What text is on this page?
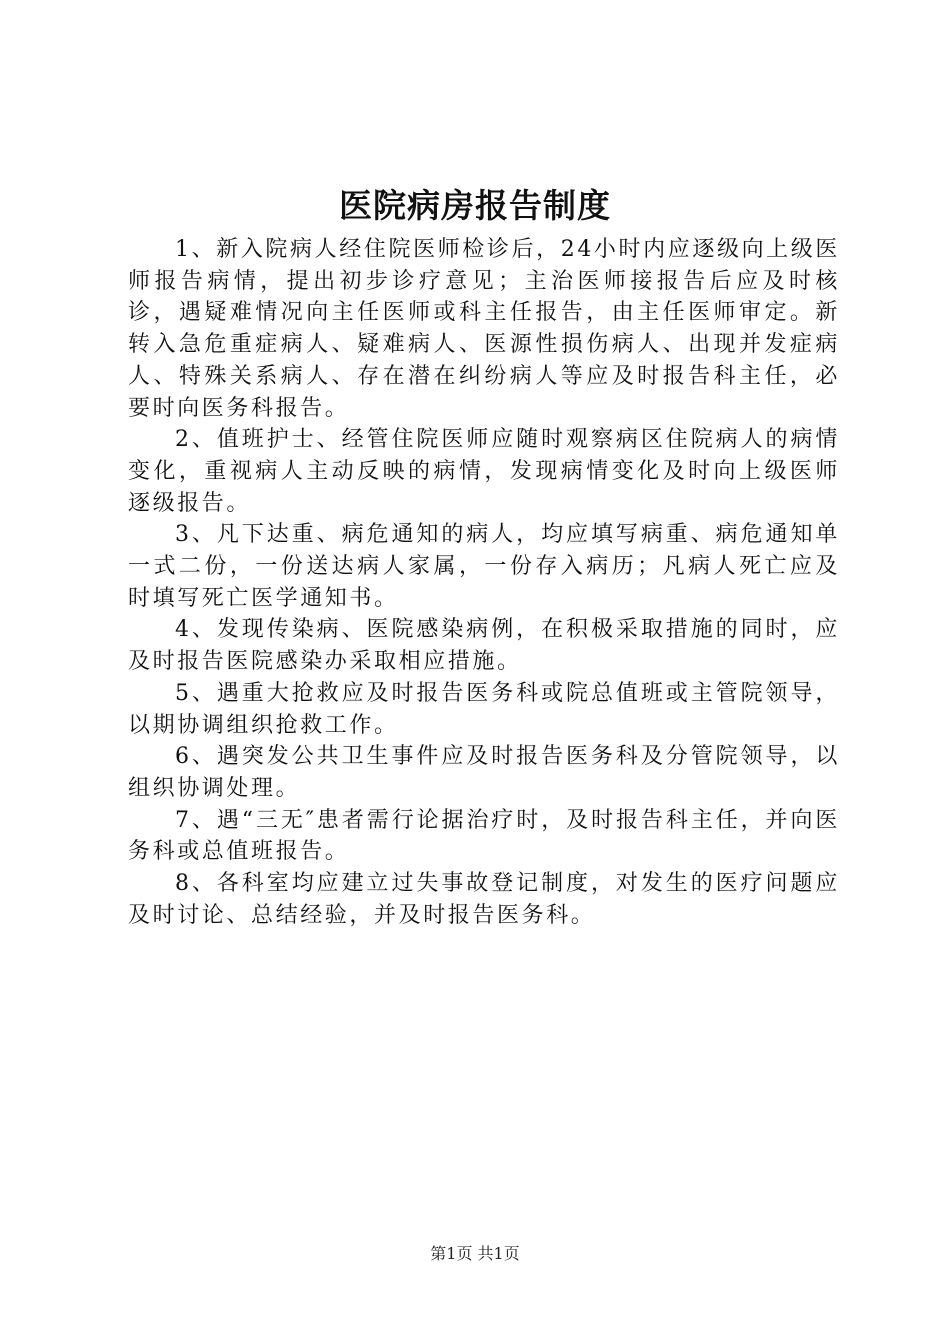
医院病房报告制度

1、新入院病人经住院医师检诊后，24小时内应逐级向上级医师报告病情，提出初步诊疗意见；主治医师接报告后应及时核诊，遇疑难情况向主任医师或科主任报告，由主任医师审定。新转入急危重症病人、疑难病人、医源性损伤病人、出现并发症病人、特殊关系病人、存在潜在纠纷病人等应及时报告科主任，必要时向医务科报告。

2、值班护士、经管住院医师应随时观察病区住院病人的病情变化，重视病人主动反映的病情，发现病情变化及时向上级医师逐级报告。

3、凡下达重、病危通知的病人，均应填写病重、病危通知单一式二份，一份送达病人家属，一份存入病历；凡病人死亡应及时填写死亡医学通知书。

4、发现传染病、医院感染病例，在积极采取措施的同时，应及时报告医院感染办采取相应措施。

5、遇重大抢救应及时报告医务科或院总值班或主管院领导，以期协调组织抢救工作。

6、遇突发公共卫生事件应及时报告医务科及分管院领导，以组织协调处理。

7、遇“三无″患者需行论据治疗时，及时报告科主任，并向医务科或总值班报告。

8、各科室均应建立过失事故登记制度，对发生的医疗问题应及时讨论、总结经验，并及时报告医务科。

第1页 共1页
